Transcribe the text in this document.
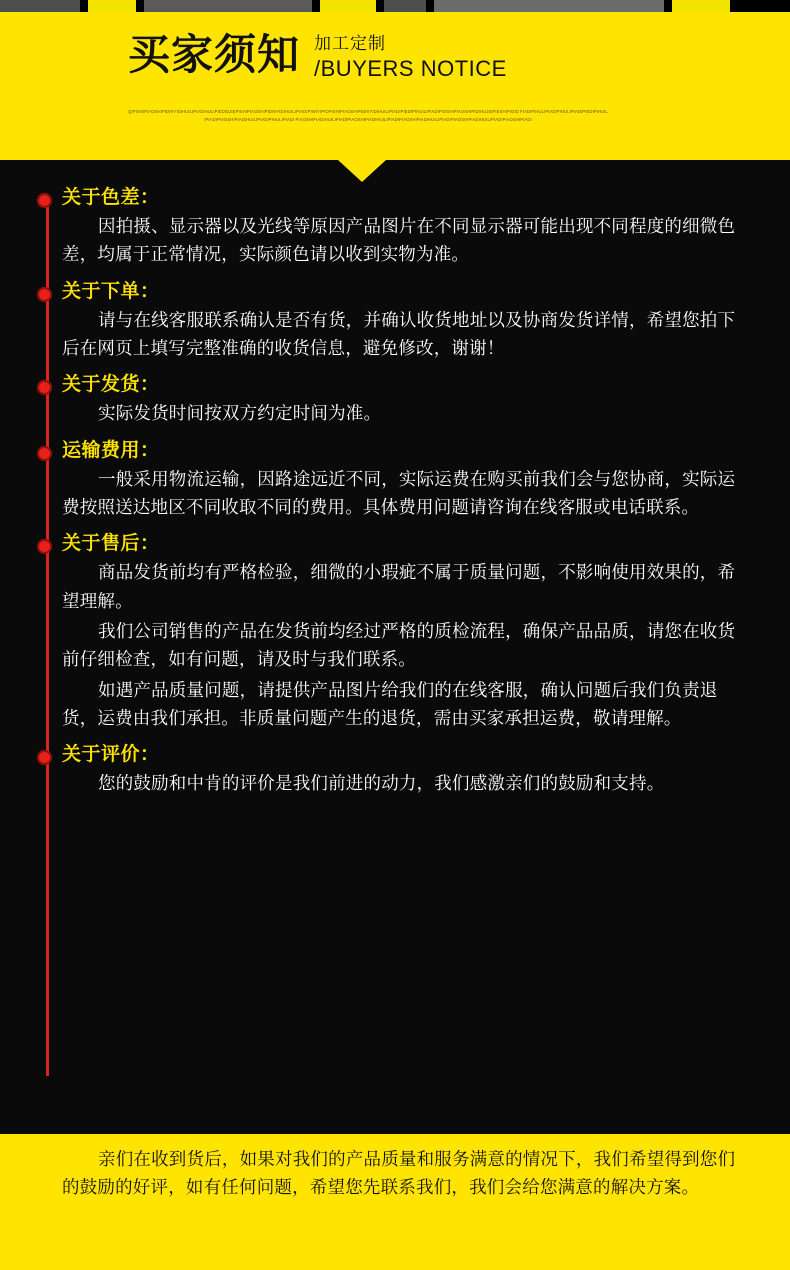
买家须知 加工定制
/BUYERS NOTICE
QIPISHIPIAOSHIPIDHIYIDIHUILIPIADIHULIPIEDIDJIEPISHIPIAOSHIPIDHIYIDIHUILIPIADIPIWIYIPIOPISHIPIAOSHIPIDHIYIDIHUILIPIADIPIEDIPIHUILIPIADIPIOSHIPIAOSHIPIDIHUJIEPIESHIPIOID FIADIPIHULIPIADIPIHULIPIADIPIEDIPIHUILIPIADIPIAOSHIPIADIHUILIPIADIPIHULIPIADI PIAOSHIPIADIHUILIPIADIPIAOSHIPIADIHUILIPIADIPIAOSHIPIADIHUILIPIADIPIAOSHIPIADIHUILIPIADIPIAOSHIPIADI
关于色差：

因拍摄、显示器以及光线等原因产品图片在不同显示器可能出现不同程度的细微色差，均属于正常情况，实际颜色请以收到实物为准。

关于下单：

请与在线客服联系确认是否有货，并确认收货地址以及协商发货详情，希望您拍下后在网页上填写完整准确的收货信息，避免修改，谢谢！

关于发货：

实际发货时间按双方约定时间为准。

运输费用：

一般采用物流运输，因路途远近不同，实际运费在购买前我们会与您协商，实际运费按照送达地区不同收取不同的费用。具体费用问题请咨询在线客服或电话联系。

关于售后：

商品发货前均有严格检验，细微的小瑕疵不属于质量问题，不影响使用效果的，希望理解。

我们公司销售的产品在发货前均经过严格的质检流程，确保产品品质，请您在收货前仔细检查，如有问题，请及时与我们联系。

如遇产品质量问题，请提供产品图片给我们的在线客服，确认问题后我们负责退货，运费由我们承担。非质量问题产生的退货，需由买家承担运费，敬请理解。

关于评价：

您的鼓励和中肯的评价是我们前进的动力，我们感激亲们的鼓励和支持。

亲们在收到货后，如果对我们的产品质量和服务满意的情况下，我们希望得到您们的鼓励的好评，如有任何问题，希望您先联系我们，我们会给您满意的解决方案。
